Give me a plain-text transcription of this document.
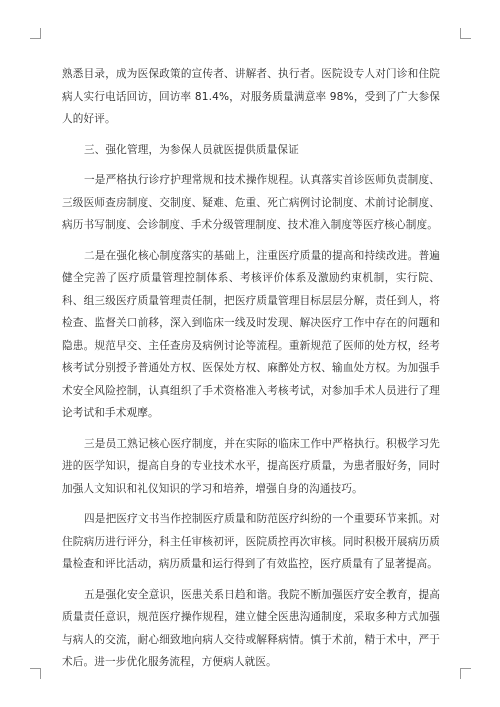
熟悉目录，成为医保政策的宣传者、讲解者、执行者。医院设专人对门诊和住院病人实行电话回访，回访率 81.4%，对服务质量满意率 98%，受到了广大参保人的好评。

三、强化管理，为参保人员就医提供质量保证

一是严格执行诊疗护理常规和技术操作规程。认真落实首诊医师负责制度、三级医师查房制度、交制度、疑难、危重、死亡病例讨论制度、术前讨论制度、病历书写制度、会诊制度、手术分级管理制度、技术准入制度等医疗核心制度。

二是在强化核心制度落实的基础上，注重医疗质量的提高和持续改进。普遍健全完善了医疗质量管理控制体系、考核评价体系及激励约束机制，实行院、科、组三级医疗质量管理责任制，把医疗质量管理目标层层分解，责任到人，将检查、监督关口前移，深入到临床一线及时发现、解决医疗工作中存在的问题和隐患。规范早交、主任查房及病例讨论等流程。重新规范了医师的处方权，经考核考试分别授予普通处方权、医保处方权、麻醉处方权、输血处方权。为加强手术安全风险控制，认真组织了手术资格准入考核考试，对参加手术人员进行了理论考试和手术观摩。

三是员工熟记核心医疗制度，并在实际的临床工作中严格执行。积极学习先进的医学知识，提高自身的专业技术水平，提高医疗质量，为患者服好务，同时加强人文知识和礼仪知识的学习和培养，增强自身的沟通技巧。

四是把医疗文书当作控制医疗质量和防范医疗纠纷的一个重要环节来抓。对住院病历进行评分，科主任审核初评，医院质控再次审核。同时积极开展病历质量检查和评比活动，病历质量和运行得到了有效监控，医疗质量有了显著提高。

五是强化安全意识，医患关系日趋和谐。我院不断加强医疗安全教育，提高质量责任意识，规范医疗操作规程，建立健全医患沟通制度，采取多种方式加强与病人的交流，耐心细致地向病人交待或解释病情。慎于术前，精于术中，严于术后。进一步优化服务流程，方便病人就医。
